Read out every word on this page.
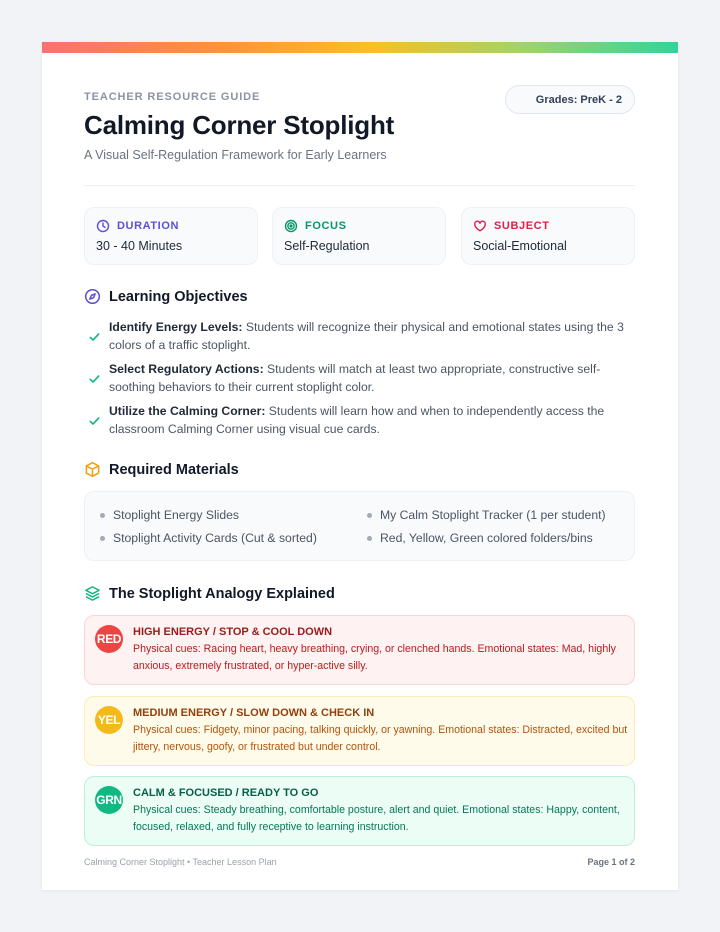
TEACHER RESOURCE GUIDE	Grades: PreK - 2
Calming Corner Stoplight
A Visual Self-Regulation Framework for Early Learners
DURATION
30 - 40 Minutes
FOCUS
Self-Regulation
SUBJECT
Social-Emotional
Learning Objectives
Identify Energy Levels: Students will recognize their physical and emotional states using the 3 colors of a traffic stoplight.
Select Regulatory Actions: Students will match at least two appropriate, constructive self-soothing behaviors to their current stoplight color.
Utilize the Calming Corner: Students will learn how and when to independently access the classroom Calming Corner using visual cue cards.
Required Materials
Stoplight Energy Slides	My Calm Stoplight Tracker (1 per student)
Stoplight Activity Cards (Cut & sorted)	Red, Yellow, Green colored folders/bins
The Stoplight Analogy Explained
RED HIGH ENERGY / STOP & COOL DOWN
Physical cues: Racing heart, heavy breathing, crying, or clenched hands. Emotional states: Mad, highly anxious, extremely frustrated, or hyper-active silly.
YEL MEDIUM ENERGY / SLOW DOWN & CHECK IN
Physical cues: Fidgety, minor pacing, talking quickly, or yawning. Emotional states: Distracted, excited but jittery, nervous, goofy, or frustrated but under control.
GRN CALM & FOCUSED / READY TO GO
Physical cues: Steady breathing, comfortable posture, alert and quiet. Emotional states: Happy, content, focused, relaxed, and fully receptive to learning instruction.
Calming Corner Stoplight • Teacher Lesson Plan	Page 1 of 2
